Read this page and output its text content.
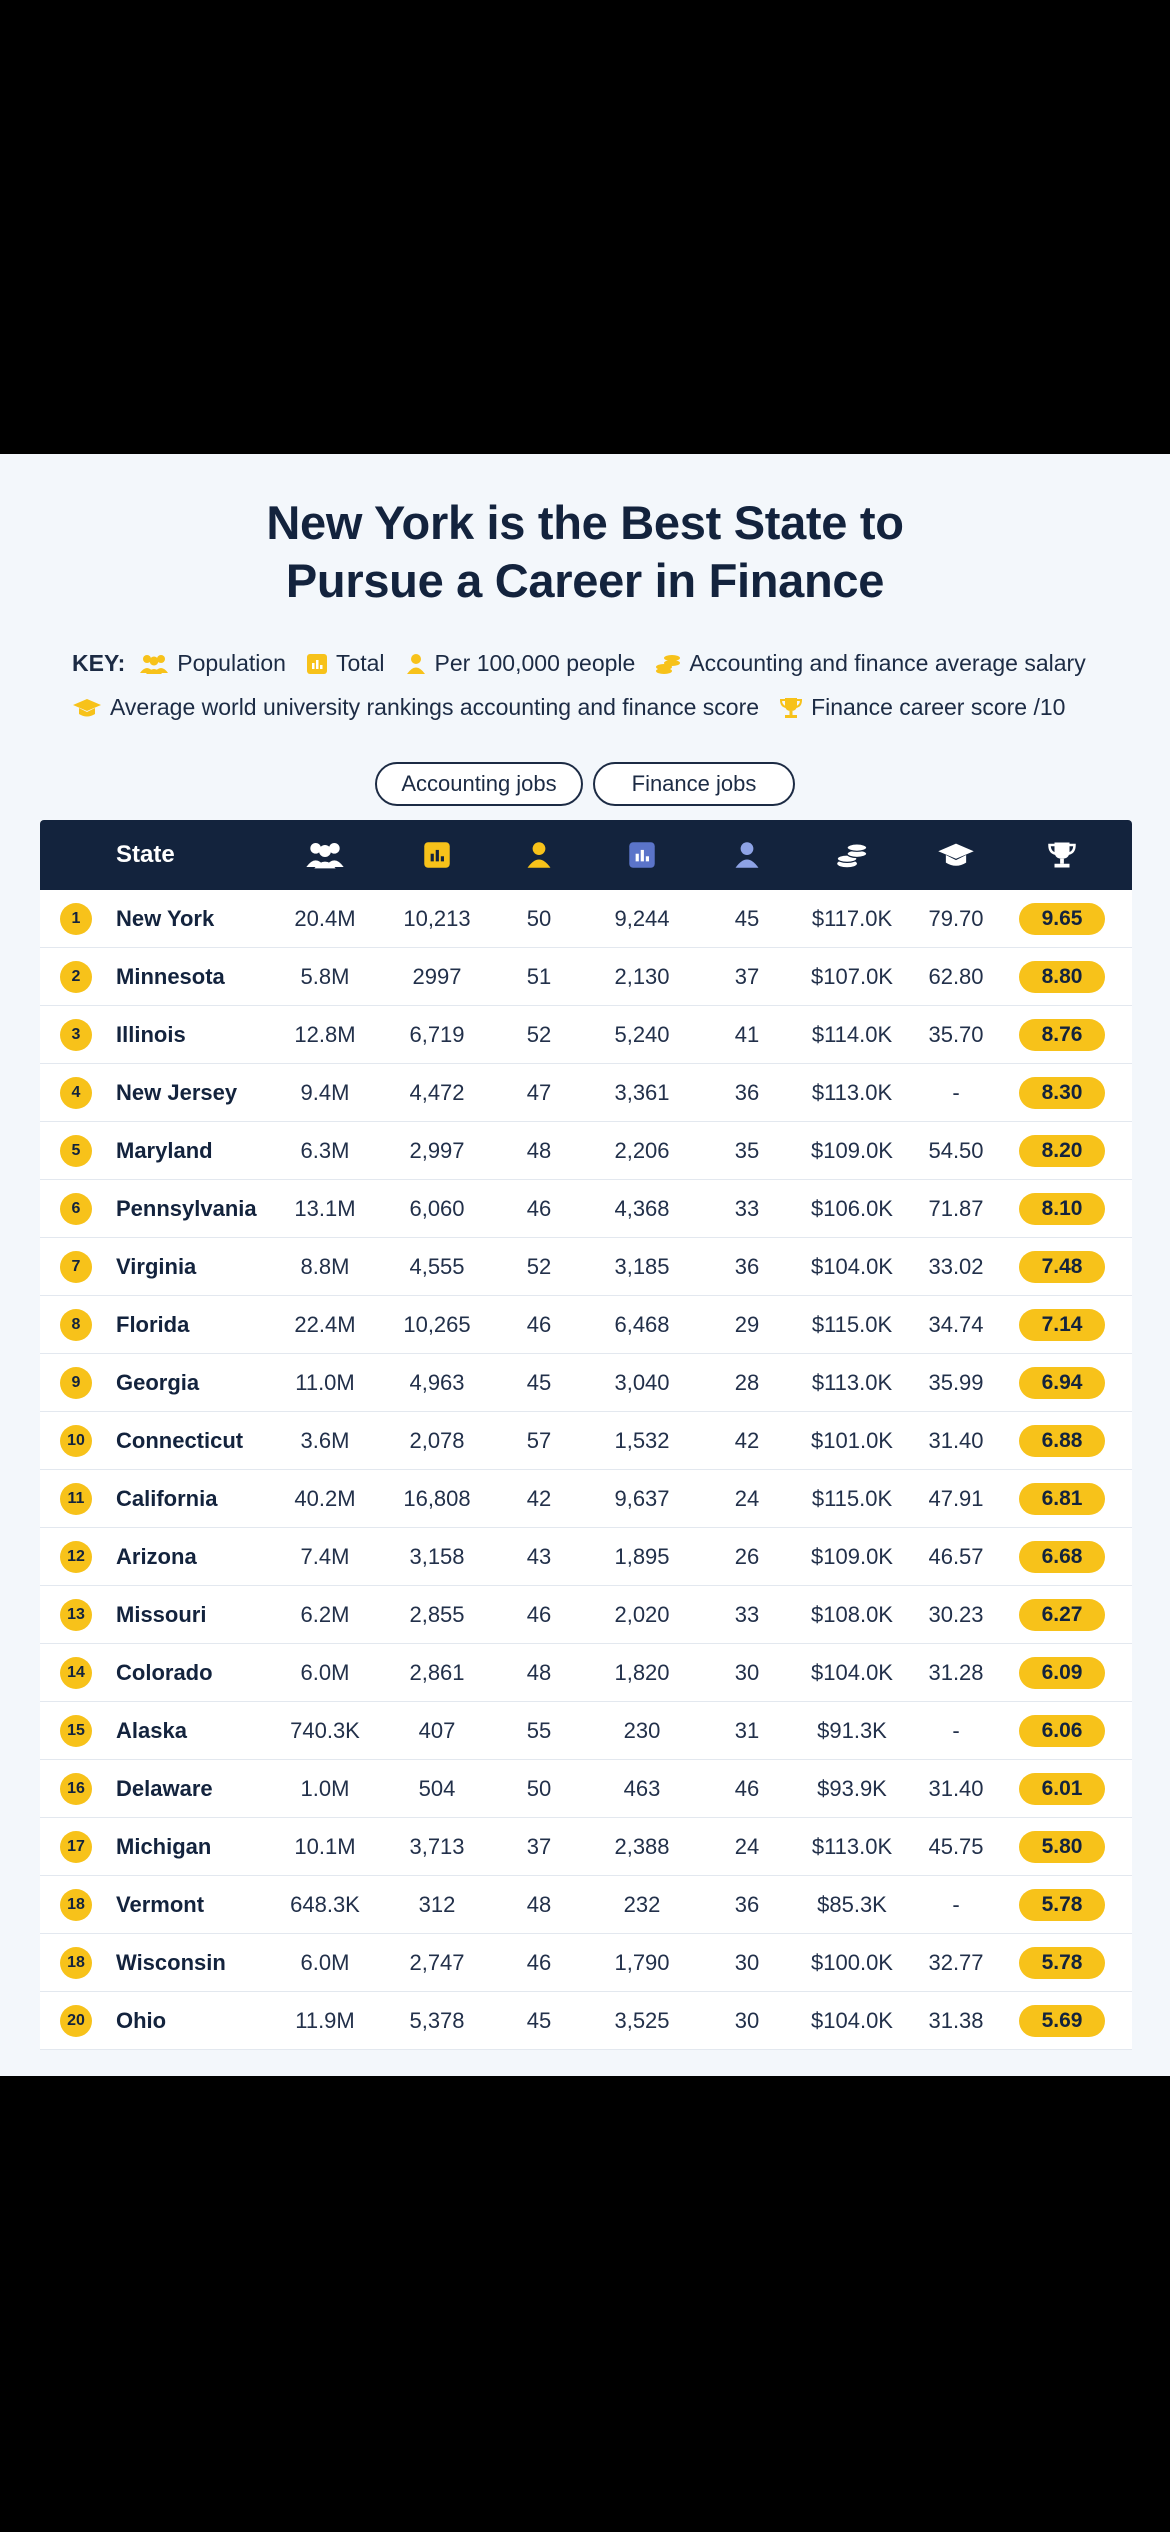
New York is the Best State to
Pursue a Career in Finance
KEY: Population Total Per 100,000 people Accounting and finance average salary
Average world university rankings accounting and finance score Finance career score /10
Accounting jobs	Finance jobs
State
1	New York	20.4M	10,213	50	9,244	45	$117.0K	79.70	9.65
2	Minnesota	5.8M	2997	51	2,130	37	$107.0K	62.80	8.80
3	Illinois	12.8M	6,719	52	5,240	41	$114.0K	35.70	8.76
4	New Jersey	9.4M	4,472	47	3,361	36	$113.0K	-	8.30
5	Maryland	6.3M	2,997	48	2,206	35	$109.0K	54.50	8.20
6	Pennsylvania	13.1M	6,060	46	4,368	33	$106.0K	71.87	8.10
7	Virginia	8.8M	4,555	52	3,185	36	$104.0K	33.02	7.48
8	Florida	22.4M	10,265	46	6,468	29	$115.0K	34.74	7.14
9	Georgia	11.0M	4,963	45	3,040	28	$113.0K	35.99	6.94
10	Connecticut	3.6M	2,078	57	1,532	42	$101.0K	31.40	6.88
11	California	40.2M	16,808	42	9,637	24	$115.0K	47.91	6.81
12	Arizona	7.4M	3,158	43	1,895	26	$109.0K	46.57	6.68
13	Missouri	6.2M	2,855	46	2,020	33	$108.0K	30.23	6.27
14	Colorado	6.0M	2,861	48	1,820	30	$104.0K	31.28	6.09
15	Alaska	740.3K	407	55	230	31	$91.3K	-	6.06
16	Delaware	1.0M	504	50	463	46	$93.9K	31.40	6.01
17	Michigan	10.1M	3,713	37	2,388	24	$113.0K	45.75	5.80
18	Vermont	648.3K	312	48	232	36	$85.3K	-	5.78
18	Wisconsin	6.0M	2,747	46	1,790	30	$100.0K	32.77	5.78
20	Ohio	11.9M	5,378	45	3,525	30	$104.0K	31.38	5.69
